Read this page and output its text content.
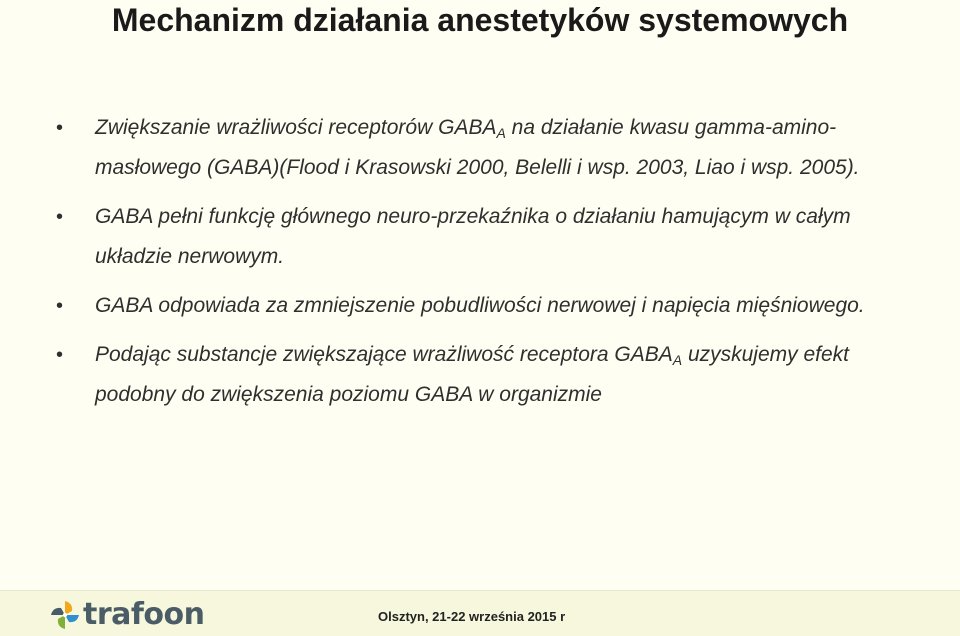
Mechanizm działania anestetyków systemowych
• Zwiększanie wrażliwości receptorów $GABA_A$ na działanie kwasu gamma-amino-masłowego (GABA)(Flood i Krasowski 2000, Belelli i wsp. 2003, Liao i wsp. 2005).
• GABA pełni funkcję głównego neuro-przekaźnika o działaniu hamującym w całym układzie nerwowym.
• GABA odpowiada za zmniejszenie pobudliwości nerwowej i napięcia mięśniowego.
• Podając substancje zwiększające wrażliwość receptora $GABA_A$ uzyskujemy efekt podobny do zwiększenia poziomu GABA w organizmie
trafoon	Olsztyn, 21-22 września 2015 r
